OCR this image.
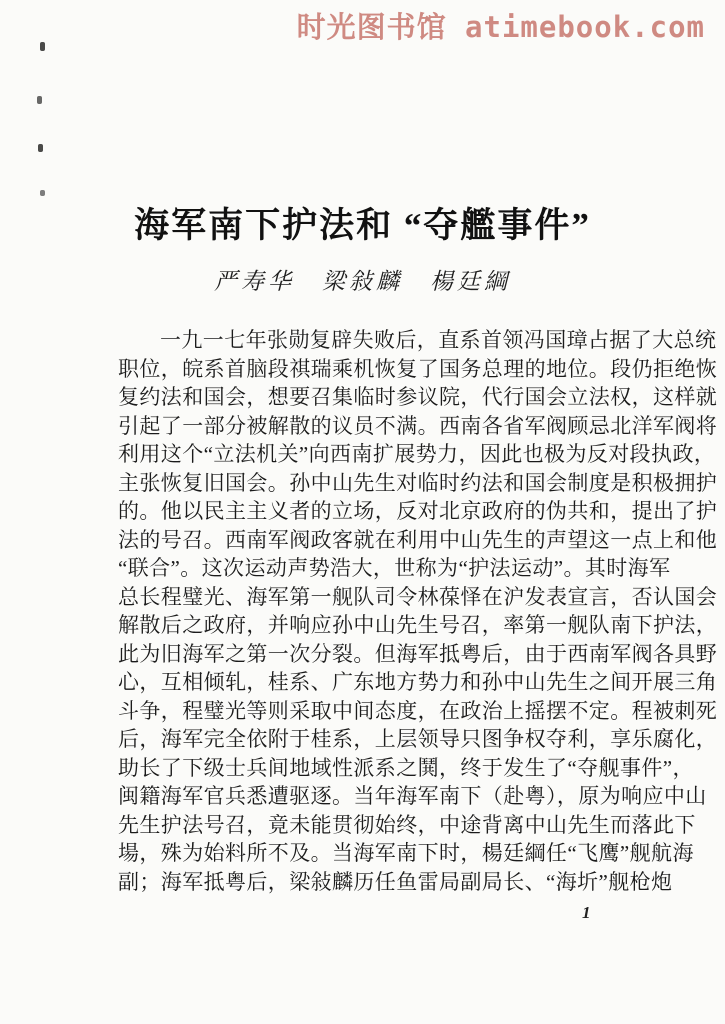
时光图书馆 atimebook.com
海军南下护法和 “夺艦事件”
严寿华　梁敍麟　楊廷綱
一九一七年张勋复辟失败后，直系首领冯国璋占据了大总统
职位，皖系首脑段祺瑞乘机恢复了国务总理的地位。段仍拒绝恢
复约法和国会，想要召集临时参议院，代行国会立法权，这样就
引起了一部分被解散的议员不满。西南各省军阀顾忌北洋军阀将
利用这个“立法机关”向西南扩展势力，因此也极为反对段执政，
主张恢复旧国会。孙中山先生对临时约法和国会制度是积极拥护
的。他以民主主义者的立场，反对北京政府的伪共和，提出了护
法的号召。西南军阀政客就在利用中山先生的声望这一点上和他
“联合”。这次运动声势浩大，世称为“护法运动”。其时海军
总长程璧光、海军第一舰队司令林葆怿在沪发表宣言，否认国会
解散后之政府，并响应孙中山先生号召，率第一舰队南下护法，
此为旧海军之第一次分裂。但海军抵粤后，由于西南军阀各具野
心，互相倾轧，桂系、广东地方势力和孙中山先生之间开展三角
斗争，程璧光等则采取中间态度，在政治上摇摆不定。程被刺死
后，海军完全依附于桂系，上层领导只图争权夺利，享乐腐化，
助长了下级士兵间地域性派系之鬨，终于发生了“夺舰事件”，
闽籍海军官兵悉遭驱逐。当年海军南下（赴粤），原为响应中山
先生护法号召，竟未能贯彻始终，中途背离中山先生而落此下
場，殊为始料所不及。当海军南下时，楊廷綱任“飞鹰”舰航海
副；海军抵粤后，梁敍麟历任鱼雷局副局长、“海圻”舰枪炮
1
